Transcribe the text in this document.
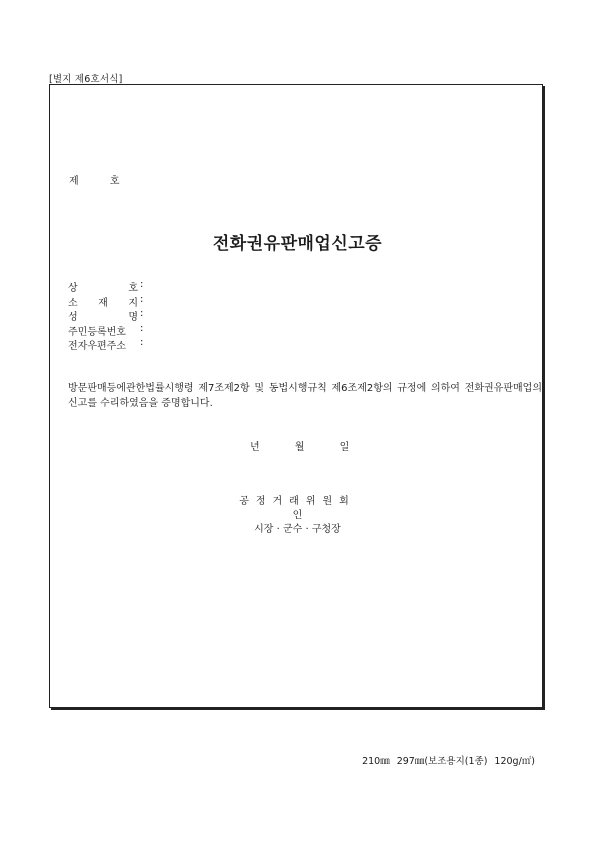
[별지 제6호서식]
제 호
전화권유판매업신고증
상 호 :
소 재 지 :
성 명 :
주민등록번호	:
전자우편주소	:
방문판매등에관한법률시행령 제7조제2항 및 동법시행규칙 제6조제2항의 규정에 의하여 전화권유판매업의 신고를 수리하였음을 증명합니다.
년 월 일
공정거래위원회
인
시장 · 군수 · 구청장
210㎜ 297㎜(보조용지(1종) 120g/㎡)
